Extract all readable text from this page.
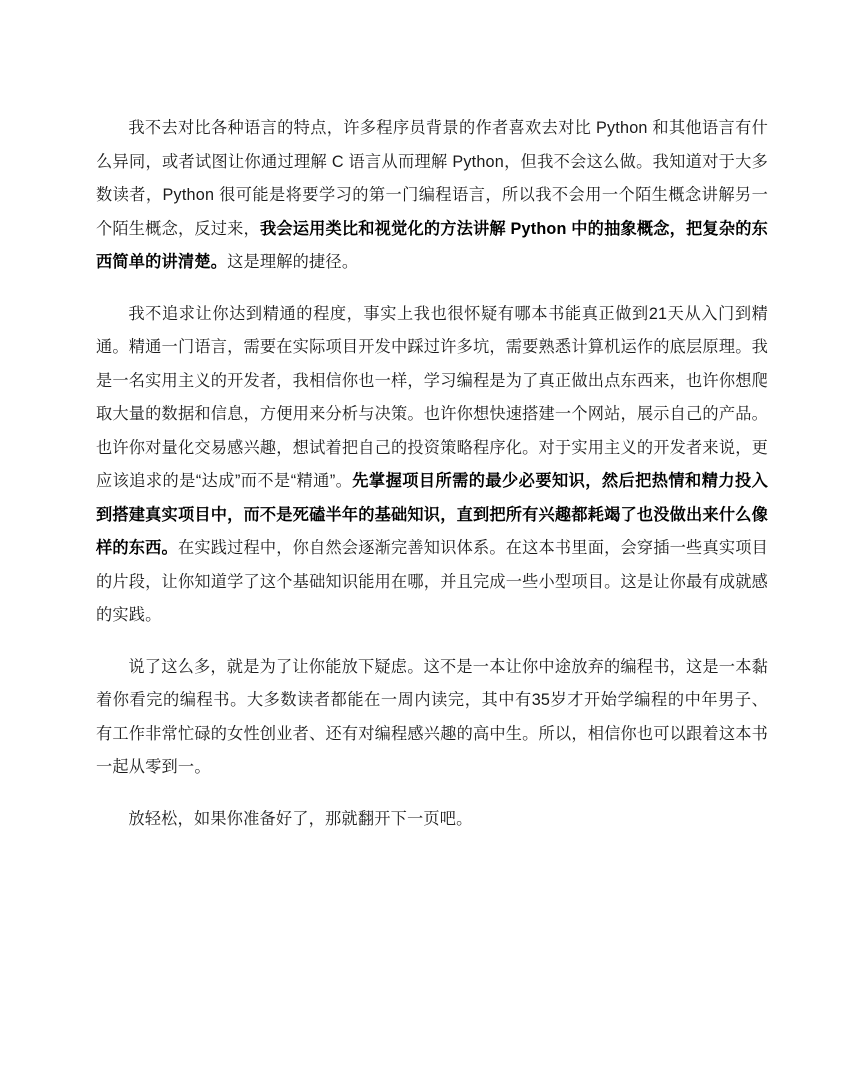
我不去对比各种语言的特点，许多程序员背景的作者喜欢去对比 Python 和其他语言有什么异同，或者试图让你通过理解 C 语言从而理解 Python，但我不会这么做。我知道对于大多数读者，Python 很可能是将要学习的第一门编程语言，所以我不会用一个陌生概念讲解另一个陌生概念，反过来，我会运用类比和视觉化的方法讲解 Python 中的抽象概念，把复杂的东西简单的讲清楚。这是理解的捷径。

我不追求让你达到精通的程度，事实上我也很怀疑有哪本书能真正做到21天从入门到精通。精通一门语言，需要在实际项目开发中踩过许多坑，需要熟悉计算机运作的底层原理。我是一名实用主义的开发者，我相信你也一样，学习编程是为了真正做出点东西来，也许你想爬取大量的数据和信息，方便用来分析与决策。也许你想快速搭建一个网站，展示自己的产品。也许你对量化交易感兴趣，想试着把自己的投资策略程序化。对于实用主义的开发者来说，更应该追求的是“达成”而不是“精通”。先掌握项目所需的最少必要知识，然后把热情和精力投入到搭建真实项目中，而不是死磕半年的基础知识，直到把所有兴趣都耗竭了也没做出来什么像样的东西。在实践过程中，你自然会逐渐完善知识体系。在这本书里面，会穿插一些真实项目的片段，让你知道学了这个基础知识能用在哪，并且完成一些小型项目。这是让你最有成就感的实践。

说了这么多，就是为了让你能放下疑虑。这不是一本让你中途放弃的编程书，这是一本黏着你看完的编程书。大多数读者都能在一周内读完，其中有35岁才开始学编程的中年男子、有工作非常忙碌的女性创业者、还有对编程感兴趣的高中生。所以，相信你也可以跟着这本书一起从零到一。

放轻松，如果你准备好了，那就翻开下一页吧。
